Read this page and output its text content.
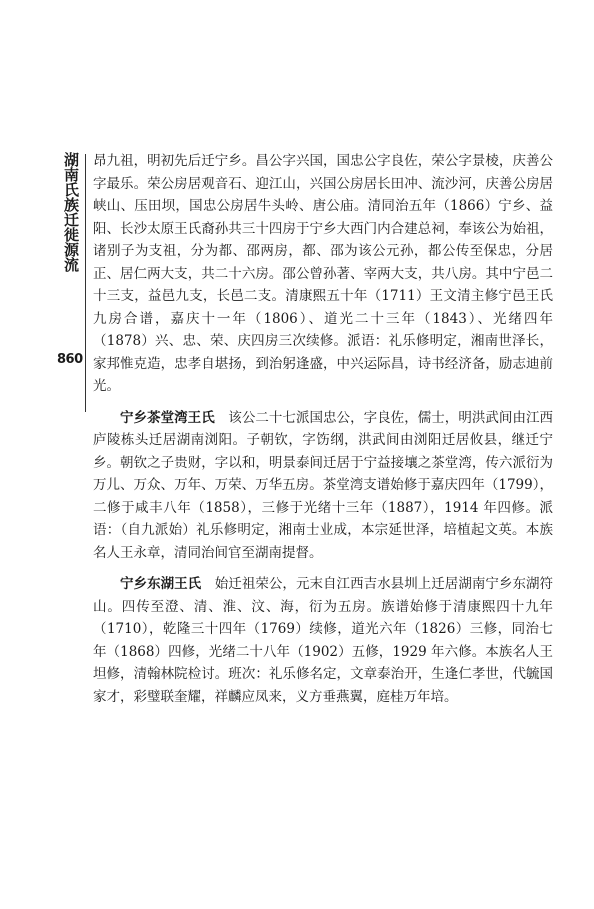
湖南氏族迁徙源流
860

昂九祖，明初先后迁宁乡。昌公字兴国，国忠公字良佐，荣公字景棱，庆善公字最乐。荣公房居观音石、迎江山，兴国公房居长田冲、流沙河，庆善公房居峡山、压田坝，国忠公房居牛头岭、唐公庙。清同治五年（1866）宁乡、益阳、长沙太原王氏裔孙共三十四房于宁乡大西门内合建总祠，奉该公为始祖，诸别子为支祖，分为都、邵两房，都、邵为该公元孙，都公传至保忠，分居正、居仁两大支，共二十六房。邵公曾孙著、宰两大支，共八房。其中宁邑二十三支，益邑九支，长邑二支。清康熙五十年（1711）王文清主修宁邑王氏九房合谱，嘉庆十一年（1806）、道光二十三年（1843）、光绪四年（1878）兴、忠、荣、庆四房三次续修。派语：礼乐修明定，湘南世泽长，家邦惟克造，忠孝自堪扬，到治躬逢盛，中兴运际昌，诗书经济备，励志迪前光。

宁乡茶堂湾王氏　 该公二十七派国忠公，字良佐，儒士，明洪武间由江西庐陵栋头迁居湖南浏阳。子朝钦，字饬纲，洪武间由浏阳迁居攸县，继迁宁乡。朝钦之子贵财，字以和，明景泰间迁居于宁益接壤之茶堂湾，传六派衍为万儿、万众、万年、万荣、万华五房。茶堂湾支谱始修于嘉庆四年（1799），二修于咸丰八年（1858），三修于光绪十三年（1887），1914 年四修。派语：（自九派始）礼乐修明定，湘南士业成，本宗延世泽，培植起文英。本族名人王永章，清同治间官至湖南提督。

宁乡东湖王氏　 始迁祖荣公，元末自江西吉水县圳上迁居湖南宁乡东湖符山。四传至澄、清、淮、汶、海，衍为五房。族谱始修于清康熙四十九年（1710），乾隆三十四年（1769）续修，道光六年（1826）三修，同治七年（1868）四修，光绪二十八年（1902）五修，1929 年六修。本族名人王坦修，清翰林院检讨。班次：礼乐修名定，文章泰治开，生逢仁孝世，代毓国家才，彩璧联奎耀，祥麟应凤来，义方垂燕翼，庭桂万年培。
